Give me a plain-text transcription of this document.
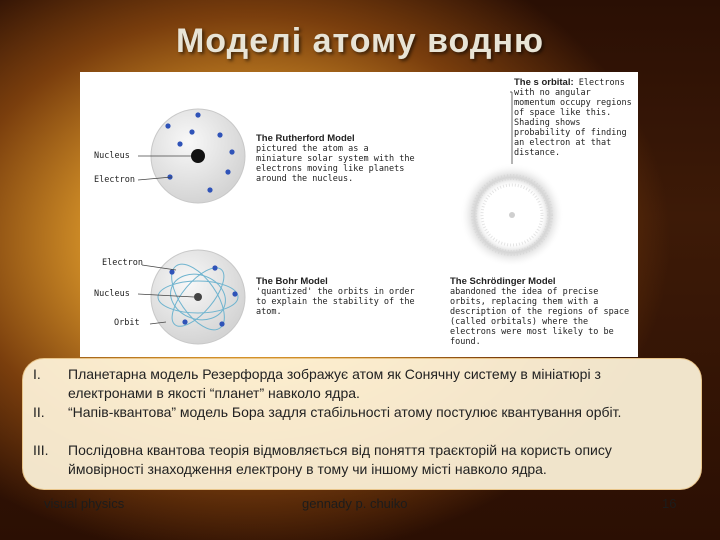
Моделі атому водню
Nucleus
Electron
Electron
Nucleus
Orbit
The Rutherford Model
pictured the atom as a miniature solar system with the electrons moving like planets around the nucleus.
The Bohr Model
'quantized' the orbits in order to explain the stability of the atom.
The s orbital: Electrons with no angular momentum occupy regions of space like this. Shading shows probability of finding an electron at that distance.
The Schrödinger Model
abandoned the idea of precise orbits, replacing them with a description of the regions of space (called orbitals) where the electrons were most likely to be found.
I.	Планетарна модель Резерфорда зображує атом як Сонячну систему в мініатюрі з електронами в якості “планет” навколо ядра.
II.	“Напів-квантова” модель Бора задля стабільності атому постулює квантування орбіт.
III.	Послідовна квантова теорія відмовляється від поняття траєкторій на користь опису ймовірності знаходження електрону в тому чи іншому місті навколо ядра.
visual physics	gennady p. chuiko	16
